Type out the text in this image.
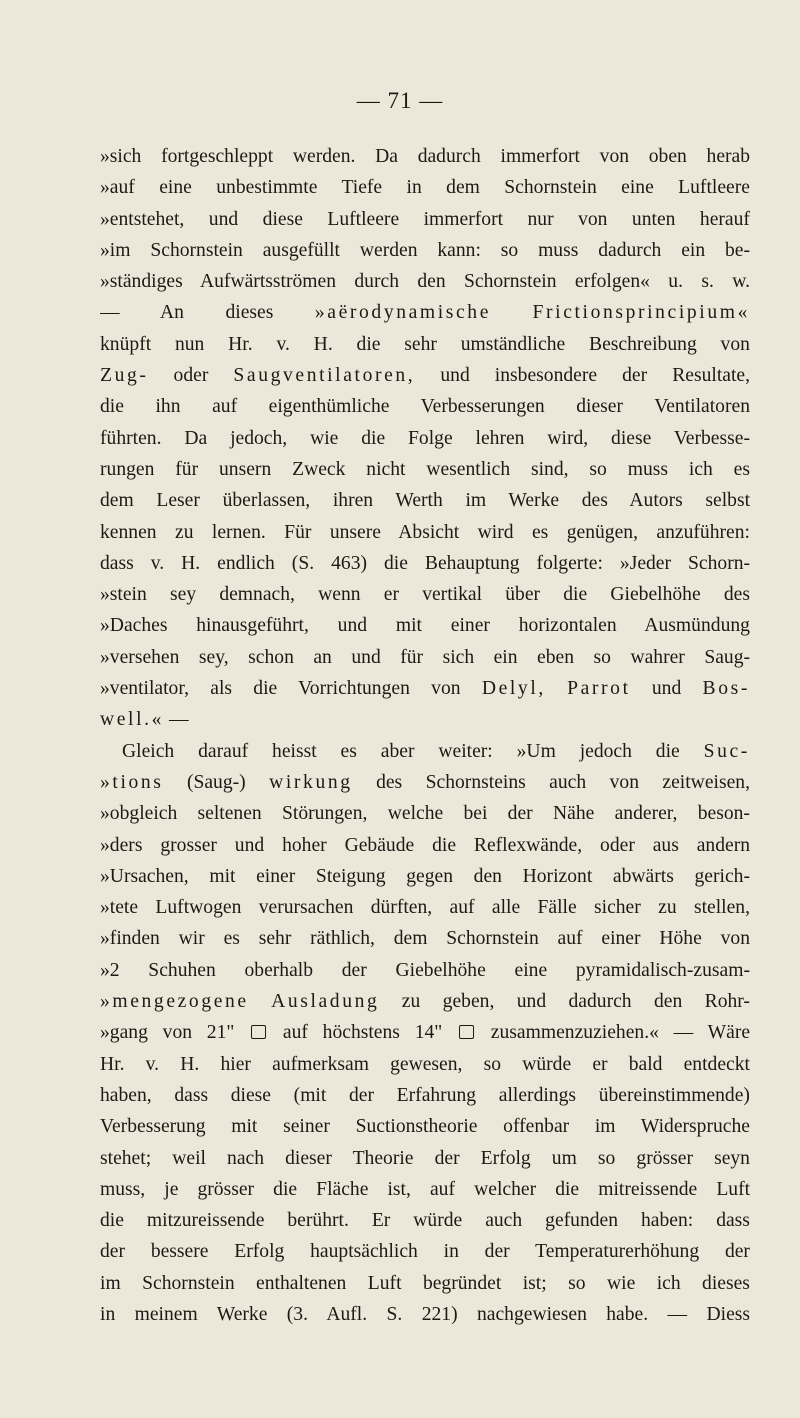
— 71 —
»sich fortgeschleppt werden. Da dadurch immerfort von oben herab
»auf eine unbestimmte Tiefe in dem Schornstein eine Luftleere
»entstehet, und diese Luftleere immerfort nur von unten herauf
»im Schornstein ausgefüllt werden kann: so muss dadurch ein be-
»ständiges Aufwärtsströmen durch den Schornstein erfolgen« u. s. w.
— An dieses »aërodynamische Frictionsprincipium«
knüpft nun Hr. v. H. die sehr umständliche Beschreibung von
Zug- oder Saugventilatoren, und insbesondere der Resultate,
die ihn auf eigenthümliche Verbesserungen dieser Ventilatoren
führten. Da jedoch, wie die Folge lehren wird, diese Verbesse-
rungen für unsern Zweck nicht wesentlich sind, so muss ich es
dem Leser überlassen, ihren Werth im Werke des Autors selbst
kennen zu lernen. Für unsere Absicht wird es genügen, anzuführen:
dass v. H. endlich (S. 463) die Behauptung folgerte: »Jeder Schorn-
»stein sey demnach, wenn er vertikal über die Giebelhöhe des
»Daches hinausgeführt, und mit einer horizontalen Ausmündung
»versehen sey, schon an und für sich ein eben so wahrer Saug-
»ventilator, als die Vorrichtungen von Delyl, Parrot und Bos-
well.« —
Gleich darauf heisst es aber weiter: »Um jedoch die Suc-
»tions (Saug-) wirkung des Schornsteins auch von zeitweisen,
»obgleich seltenen Störungen, welche bei der Nähe anderer, beson-
»ders grosser und hoher Gebäude die Reflexwände, oder aus andern
»Ursachen, mit einer Steigung gegen den Horizont abwärts gerich-
»tete Luftwogen verursachen dürften, auf alle Fälle sicher zu stellen,
»finden wir es sehr räthlich, dem Schornstein auf einer Höhe von
»2 Schuhen oberhalb der Giebelhöhe eine pyramidalisch-zusam-
»mengezogene Ausladung zu geben, und dadurch den Rohr-
»gang von 21" auf höchstens 14" zusammenzuziehen.« — Wäre
Hr. v. H. hier aufmerksam gewesen, so würde er bald entdeckt
haben, dass diese (mit der Erfahrung allerdings übereinstimmende)
Verbesserung mit seiner Suctionstheorie offenbar im Widerspruche
stehet; weil nach dieser Theorie der Erfolg um so grösser seyn
muss, je grösser die Fläche ist, auf welcher die mitreissende Luft
die mitzureissende berührt. Er würde auch gefunden haben: dass
der bessere Erfolg hauptsächlich in der Temperaturerhöhung der
im Schornstein enthaltenen Luft begründet ist; so wie ich dieses
in meinem Werke (3. Aufl. S. 221) nachgewiesen habe. — Diess
